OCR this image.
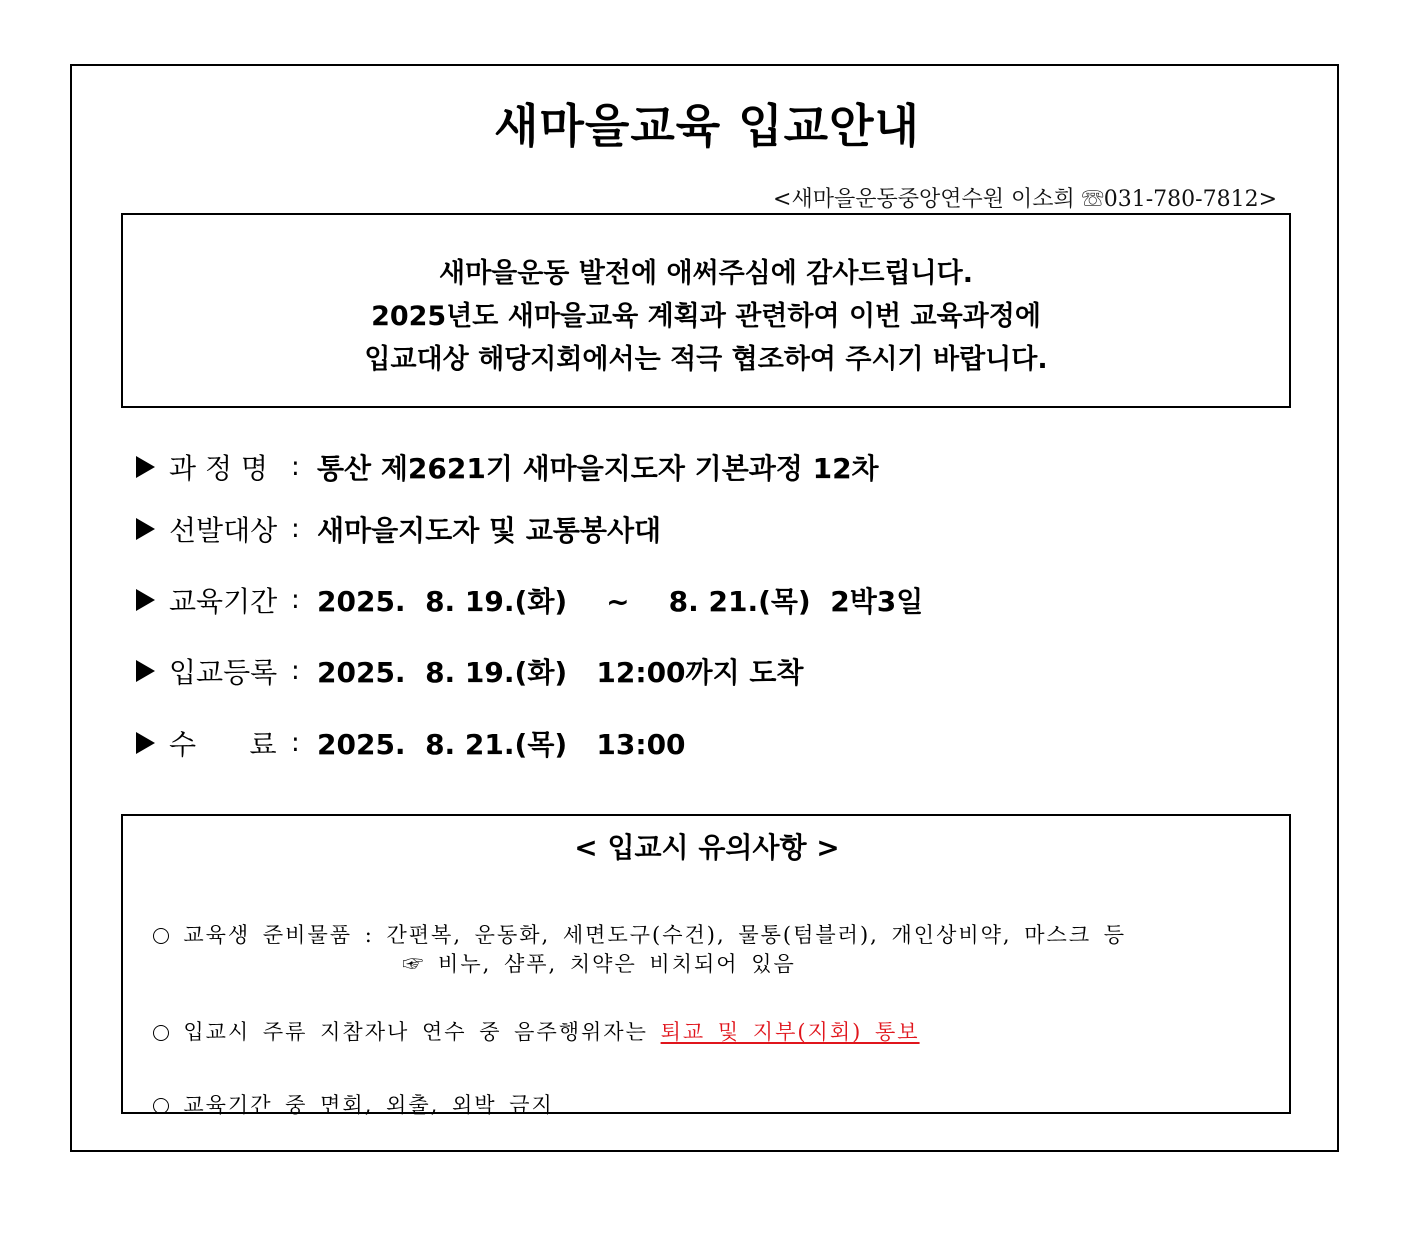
새마을교육 입교안내
<새마을운동중앙연수원 이소희 ☏031-780-7812>
새마을운동 발전에 애써주심에 감사드립니다.
2025년도 새마을교육 계획과 관련하여 이번 교육과정에
입교대상 해당지회에서는 적극 협조하여 주시기 바랍니다.
과 정 명 : 통산 제2621기 새마을지도자 기본과정 12차
선발대상 : 새마을지도자 및 교통봉사대
교육기간 : 2025.  8. 19.(화)    ~    8. 21.(목)  2박3일
입교등록 : 2025.  8. 19.(화)   12:00까지 도착
수      료 : 2025.  8. 21.(목)   13:00
< 입교시 유의사항 >

교육생 준비물품 : 간편복, 운동화, 세면도구(수건), 물통(텀블러), 개인상비약, 마스크 등

☞ 비누, 샴푸, 치약은 비치되어 있음

입교시 주류 지참자나 연수 중 음주행위자는 퇴교 및 지부(지회) 통보

교육기간 중 면회, 외출, 외박 금지
